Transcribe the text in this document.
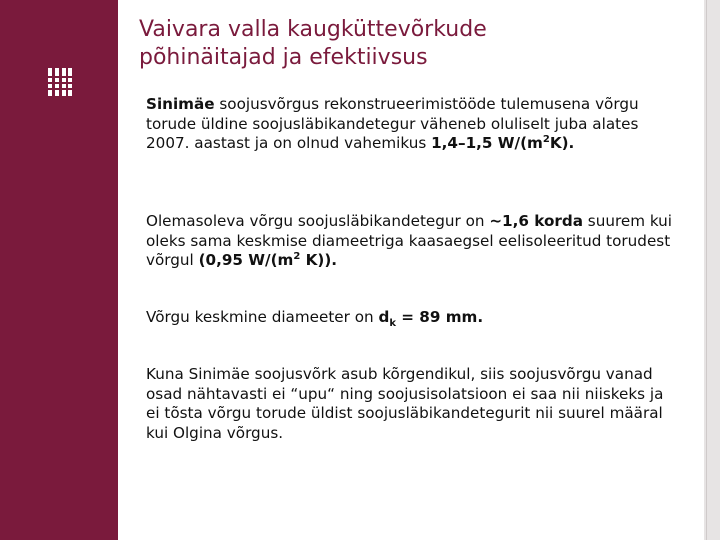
Vaivara valla kaugküttevõrkude
põhinäitajad ja efektiivsus
Sinimäe soojusvõrgus rekonstrueerimistööde tulemusena võrgu torude üldine soojusläbikandetegur väheneb oluliselt juba alates 2007. aastast ja on olnud vahemikus 1,4–1,5 $W/(m^2K)$.
Olemasoleva võrgu soojusläbikandetegur on ~1,6 korda suurem kui oleks sama keskmise diameetriga kaasaegsel eelisoleeritud torudest võrgul (0,95 $W/(m^2$ K)).
Võrgu keskmine diameeter on $d_k = 89$ mm.
Kuna Sinimäe soojusvõrk asub kõrgendikul, siis soojusvõrgu vanad osad nähtavasti ei “upu“ ning soojusisolatsioon ei saa nii niiskeks ja ei tõsta võrgu torude üldist soojusläbikandetegurit nii suurel määral kui Olgina võrgus.
